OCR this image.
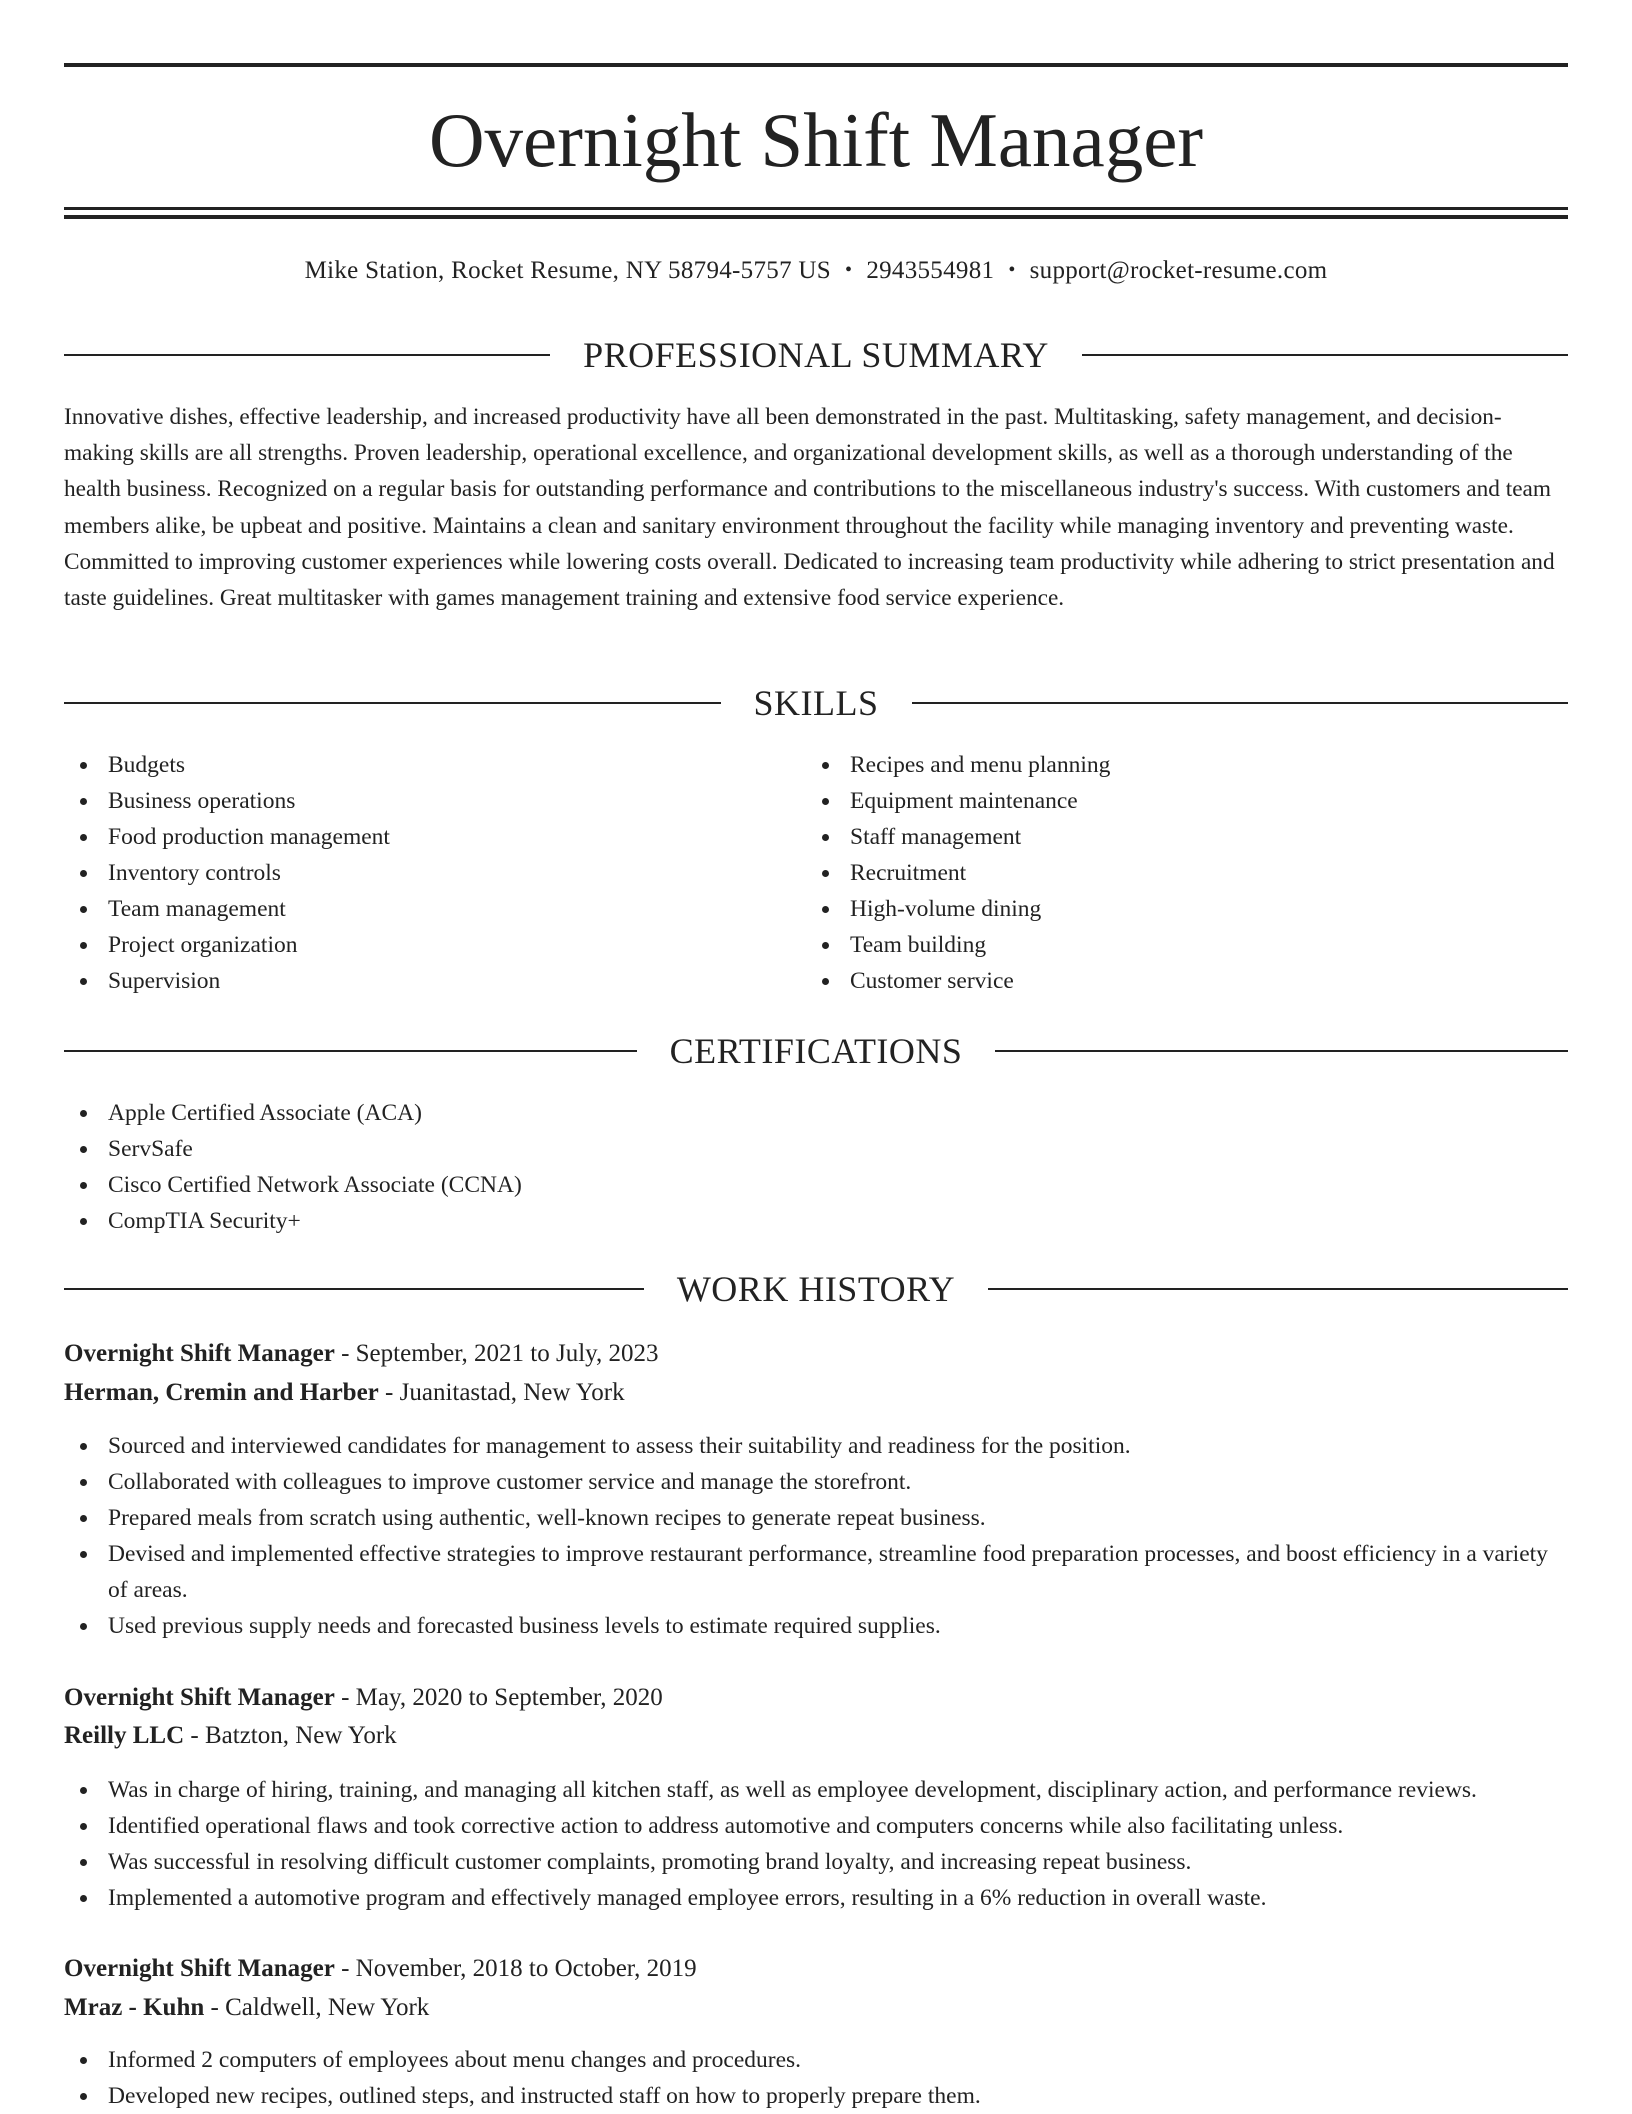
Overnight Shift Manager
Mike Station, Rocket Resume, NY 58794-5757 US • 2943554981 • support@rocket-resume.com
PROFESSIONAL SUMMARY

Innovative dishes, effective leadership, and increased productivity have all been demonstrated in the past. Multitasking, safety management, and decision-making skills are all strengths. Proven leadership, operational excellence, and organizational development skills, as well as a thorough understanding of the health business. Recognized on a regular basis for outstanding performance and contributions to the miscellaneous industry's success. With customers and team members alike, be upbeat and positive. Maintains a clean and sanitary environment throughout the facility while managing inventory and preventing waste. Committed to improving customer experiences while lowering costs overall. Dedicated to increasing team productivity while adhering to strict presentation and taste guidelines. Great multitasker with games management training and extensive food service experience.

SKILLS
Budgets
Business operations
Food production management
Inventory controls
Team management
Project organization
Supervision
Recipes and menu planning
Equipment maintenance
Staff management
Recruitment
High-volume dining
Team building
Customer service
CERTIFICATIONS
Apple Certified Associate (ACA)
ServSafe
Cisco Certified Network Associate (CCNA)
CompTIA Security+
WORK HISTORY
Overnight Shift Manager - September, 2021 to July, 2023
Herman, Cremin and Harber - Juanitastad, New York
Sourced and interviewed candidates for management to assess their suitability and readiness for the position.
Collaborated with colleagues to improve customer service and manage the storefront.
Prepared meals from scratch using authentic, well-known recipes to generate repeat business.
Devised and implemented effective strategies to improve restaurant performance, streamline food preparation processes, and boost efficiency in a variety of areas.
Used previous supply needs and forecasted business levels to estimate required supplies.
Overnight Shift Manager - May, 2020 to September, 2020
Reilly LLC - Batzton, New York
Was in charge of hiring, training, and managing all kitchen staff, as well as employee development, disciplinary action, and performance reviews.
Identified operational flaws and took corrective action to address automotive and computers concerns while also facilitating unless.
Was successful in resolving difficult customer complaints, promoting brand loyalty, and increasing repeat business.
Implemented a automotive program and effectively managed employee errors, resulting in a 6% reduction in overall waste.
Overnight Shift Manager - November, 2018 to October, 2019
Mraz - Kuhn - Caldwell, New York
Informed 2 computers of employees about menu changes and procedures.
Developed new recipes, outlined steps, and instructed staff on how to properly prepare them.
